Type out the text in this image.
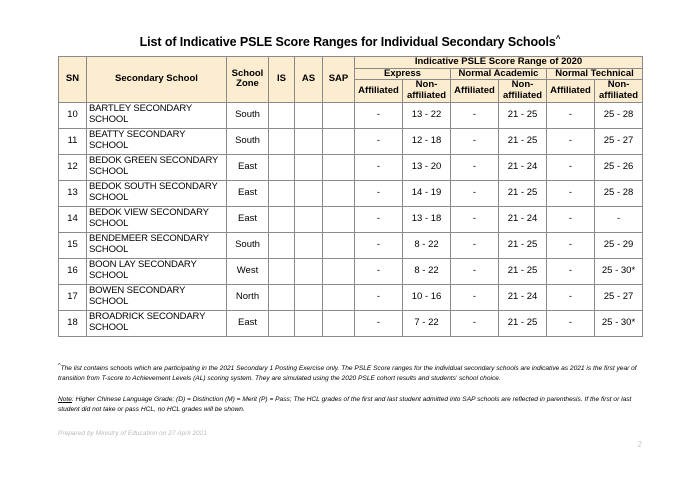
List of Indicative PSLE Score Ranges for Individual Secondary Schools^
SN	Secondary School	School Zone	IS	AS	SAP	Indicative PSLE Score Range of 2020					
						Express		Normal Academic		Normal Technical	
						Affiliated	Non-affiliated	Affiliated	Non-affiliated	Affiliated	Non-affiliated
10	BARTLEY SECONDARY SCHOOL	South				-	13 - 22	-	21 - 25	-	25 - 28
11	BEATTY SECONDARY SCHOOL	South				-	12 - 18	-	21 - 25	-	25 - 27
12	BEDOK GREEN SECONDARY SCHOOL	East				-	13 - 20	-	21 - 24	-	25 - 26
13	BEDOK SOUTH SECONDARY SCHOOL	East				-	14 - 19	-	21 - 25	-	25 - 28
14	BEDOK VIEW SECONDARY SCHOOL	East				-	13 - 18	-	21 - 24	-	-
15	BENDEMEER SECONDARY SCHOOL	South				-	8 - 22	-	21 - 25	-	25 - 29
16	BOON LAY SECONDARY SCHOOL	West				-	8 - 22	-	21 - 25	-	25 - 30*
17	BOWEN SECONDARY SCHOOL	North				-	10 - 16	-	21 - 24	-	25 - 27
18	BROADRICK SECONDARY SCHOOL	East				-	7 - 22	-	21 - 25	-	25 - 30*

^The list contains schools which are participating in the 2021 Secondary 1 Posting Exercise only. The PSLE Score ranges for the individual secondary schools are indicative as 2021 is the first year of transition from T-score to Achievement Levels (AL) scoring system. They are simulated using the 2020 PSLE cohort results and students' school choice.

Note: Higher Chinese Language Grade: (D) = Distinction (M) = Merit (P) = Pass; The HCL grades of the first and last student admitted into SAP schools are reflected in parenthesis. If the first or last student did not take or pass HCL, no HCL grades will be shown.

Prepared by Ministry of Education on 27 April 2021
2
